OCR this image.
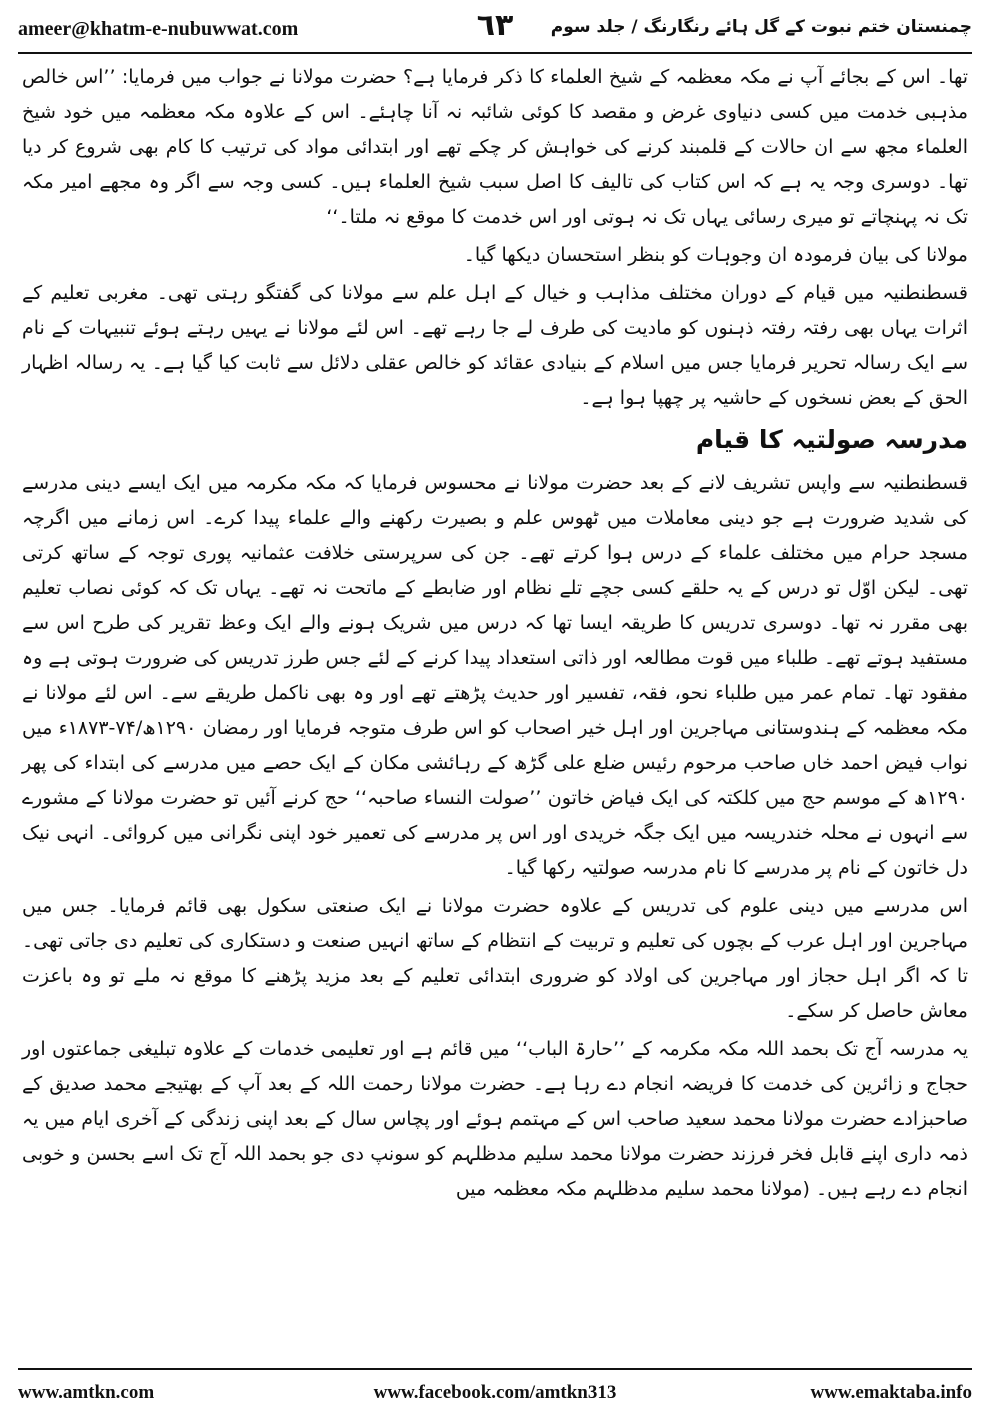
ameer@khatm-e-nubuwwat.com	٦٣ چمنستان ختم نبوت کے گل ہائے رنگارنگ / جلد سوم

تھا۔ اس کے بجائے آپ نے مکہ معظمہ کے شیخ العلماء کا ذکر فرمایا ہے؟ حضرت مولانا نے جواب میں فرمایا: ’’اس خالص مذہبی خدمت میں کسی دنیاوی غرض و مقصد کا کوئی شائبہ نہ آنا چاہئے۔ اس کے علاوہ مکہ معظمہ میں خود شیخ العلماء مجھ سے ان حالات کے قلمبند کرنے کی خواہش کر چکے تھے اور ابتدائی مواد کی ترتیب کا کام بھی شروع کر دیا تھا۔ دوسری وجہ یہ ہے کہ اس کتاب کی تالیف کا اصل سبب شیخ العلماء ہیں۔ کسی وجہ سے اگر وہ مجھے امیر مکہ تک نہ پہنچاتے تو میری رسائی یہاں تک نہ ہوتی اور اس خدمت کا موقع نہ ملتا۔‘‘

مولانا کی بیان فرمودہ ان وجوہات کو بنظر استحسان دیکھا گیا۔

قسطنطنیہ میں قیام کے دوران مختلف مذاہب و خیال کے اہل علم سے مولانا کی گفتگو رہتی تھی۔ مغربی تعلیم کے اثرات یہاں بھی رفتہ رفتہ ذہنوں کو مادیت کی طرف لے جا رہے تھے۔ اس لئے مولانا نے یہیں رہتے ہوئے تنبیہات کے نام سے ایک رسالہ تحریر فرمایا جس میں اسلام کے بنیادی عقائد کو خالص عقلی دلائل سے ثابت کیا گیا ہے۔ یہ رسالہ اظہار الحق کے بعض نسخوں کے حاشیہ پر چھپا ہوا ہے۔

مدرسہ صولتیہ کا قیام

قسطنطنیہ سے واپس تشریف لانے کے بعد حضرت مولانا نے محسوس فرمایا کہ مکہ مکرمہ میں ایک ایسے دینی مدرسے کی شدید ضرورت ہے جو دینی معاملات میں ٹھوس علم و بصیرت رکھنے والے علماء پیدا کرے۔ اس زمانے میں اگرچہ مسجد حرام میں مختلف علماء کے درس ہوا کرتے تھے۔ جن کی سرپرستی خلافت عثمانیہ پوری توجہ کے ساتھ کرتی تھی۔ لیکن اوّل تو درس کے یہ حلقے کسی جچے تلے نظام اور ضابطے کے ماتحت نہ تھے۔ یہاں تک کہ کوئی نصاب تعلیم بھی مقرر نہ تھا۔ دوسری تدریس کا طریقہ ایسا تھا کہ درس میں شریک ہونے والے ایک وعظ تقریر کی طرح اس سے مستفید ہوتے تھے۔ طلباء میں قوت مطالعہ اور ذاتی استعداد پیدا کرنے کے لئے جس طرز تدریس کی ضرورت ہوتی ہے وہ مفقود تھا۔ تمام عمر میں طلباء نحو، فقہ، تفسیر اور حدیث پڑھتے تھے اور وہ بھی ناکمل طریقے سے۔ اس لئے مولانا نے مکہ معظمہ کے ہندوستانی مہاجرین اور اہل خیر اصحاب کو اس طرف متوجہ فرمایا اور رمضان ۱۲۹۰ھ/۷۴-۱۸۷۳ء میں نواب فیض احمد خاں صاحب مرحوم رئیس ضلع علی گڑھ کے رہائشی مکان کے ایک حصے میں مدرسے کی ابتداء کی پھر ۱۲۹۰ھ کے موسم حج میں کلکتہ کی ایک فیاض خاتون ’’صولت النساء صاحبہ‘‘ حج کرنے آئیں تو حضرت مولانا کے مشورے سے انہوں نے محلہ خندریسہ میں ایک جگہ خریدی اور اس پر مدرسے کی تعمیر خود اپنی نگرانی میں کروائی۔ انہی نیک دل خاتون کے نام پر مدرسے کا نام مدرسہ صولتیہ رکھا گیا۔

اس مدرسے میں دینی علوم کی تدریس کے علاوہ حضرت مولانا نے ایک صنعتی سکول بھی قائم فرمایا۔ جس میں مہاجرین اور اہل عرب کے بچوں کی تعلیم و تربیت کے انتظام کے ساتھ انہیں صنعت و دستکاری کی تعلیم دی جاتی تھی۔ تا کہ اگر اہل حجاز اور مہاجرین کی اولاد کو ضروری ابتدائی تعلیم کے بعد مزید پڑھنے کا موقع نہ ملے تو وہ باعزت معاش حاصل کر سکے۔

یہ مدرسہ آج تک بحمد اللہ مکہ مکرمہ کے ’’حارۃ الباب‘‘ میں قائم ہے اور تعلیمی خدمات کے علاوہ تبلیغی جماعتوں اور حجاج و زائرین کی خدمت کا فریضہ انجام دے رہا ہے۔ حضرت مولانا رحمت اللہ کے بعد آپ کے بھتیجے محمد صدیق کے صاحبزادے حضرت مولانا محمد سعید صاحب اس کے مہتمم ہوئے اور پچاس سال کے بعد اپنی زندگی کے آخری ایام میں یہ ذمہ داری اپنے قابل فخر فرزند حضرت مولانا محمد سلیم مدظلہم کو سونپ دی جو بحمد اللہ آج تک اسے بحسن و خوبی انجام دے رہے ہیں۔ (مولانا محمد سلیم مدظلہم مکہ معظمہ میں

www.amtkn.com	www.facebook.com/amtkn313	www.emaktaba.info
